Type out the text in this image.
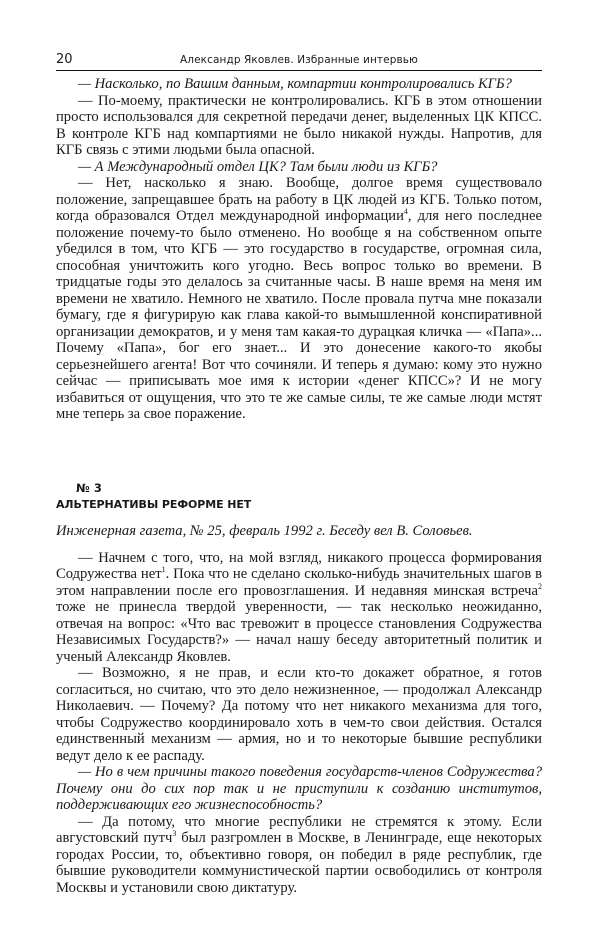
20	Александр Яковлев. Избранные интервью

— Насколько, по Вашим данным, компартии контролировались КГБ?

— По-моему, практически не контролировались. КГБ в этом отношении просто использовался для секретной передачи денег, выделенных ЦК КПСС. В контроле КГБ над компартиями не было никакой нужды. Напротив, для КГБ связь с этими людьми была опасной.

— А Международный отдел ЦК? Там были люди из КГБ?

— Нет, насколько я знаю. Вообще, долгое время существовало положение, запрещавшее брать на работу в ЦК людей из КГБ. Только потом, когда образовался Отдел международной информации$^4$, для него последнее положение почему-то было отменено. Но вообще я на собственном опыте убедился в том, что КГБ — это государство в государстве, огромная сила, способная уничтожить кого угодно. Весь вопрос только во времени. В тридцатые годы это делалось за считанные часы. В наше время на меня им времени не хватило. Немного не хватило. После провала путча мне показали бумагу, где я фигурирую как глава какой-то вымышленной конспиративной организации демократов, и у меня там какая-то дурацкая кличка — «Папа»... Почему «Папа», бог его знает... И это донесение какого-то якобы серьезнейшего агента! Вот что сочиняли. И теперь я думаю: кому это нужно сейчас — приписывать мое имя к истории «денег КПСС»? И не могу избавиться от ощущения, что это те же самые силы, те же самые люди мстят мне теперь за свое поражение.

№ 3
АЛЬТЕРНАТИВЫ РЕФОРМЕ НЕТ
Инженерная газета, № 25, февраль 1992 г. Беседу вел В. Соловьев.

— Начнем с того, что, на мой взгляд, никакого процесса формирования Содружества нет$^1$. Пока что не сделано сколько-нибудь значительных шагов в этом направлении после его провозглашения. И недавняя минская встреча$^2$ тоже не принесла твердой уверенности, — так несколько неожиданно, отвечая на вопрос: «Что вас тревожит в процессе становления Содружества Независимых Государств?» — начал нашу беседу авторитетный политик и ученый Александр Яковлев.

— Возможно, я не прав, и если кто-то докажет обратное, я готов согласиться, но считаю, что это дело нежизненное, — продолжал Александр Николаевич. — Почему? Да потому что нет никакого механизма для того, чтобы Содружество координировало хоть в чем-то свои действия. Остался единственный механизм — армия, но и то некоторые бывшие республики ведут дело к ее распаду.

— Но в чем причины такого поведения государств-членов Содружества? Почему они до сих пор так и не приступили к созданию институтов, поддерживающих его жизнеспособность?

— Да потому, что многие республики не стремятся к этому. Если августовский путч$^3$ был разгромлен в Москве, в Ленинграде, еще некоторых городах России, то, объективно говоря, он победил в ряде республик, где бывшие руководители коммунистической партии освободились от контроля Москвы и установили свою диктатуру.
